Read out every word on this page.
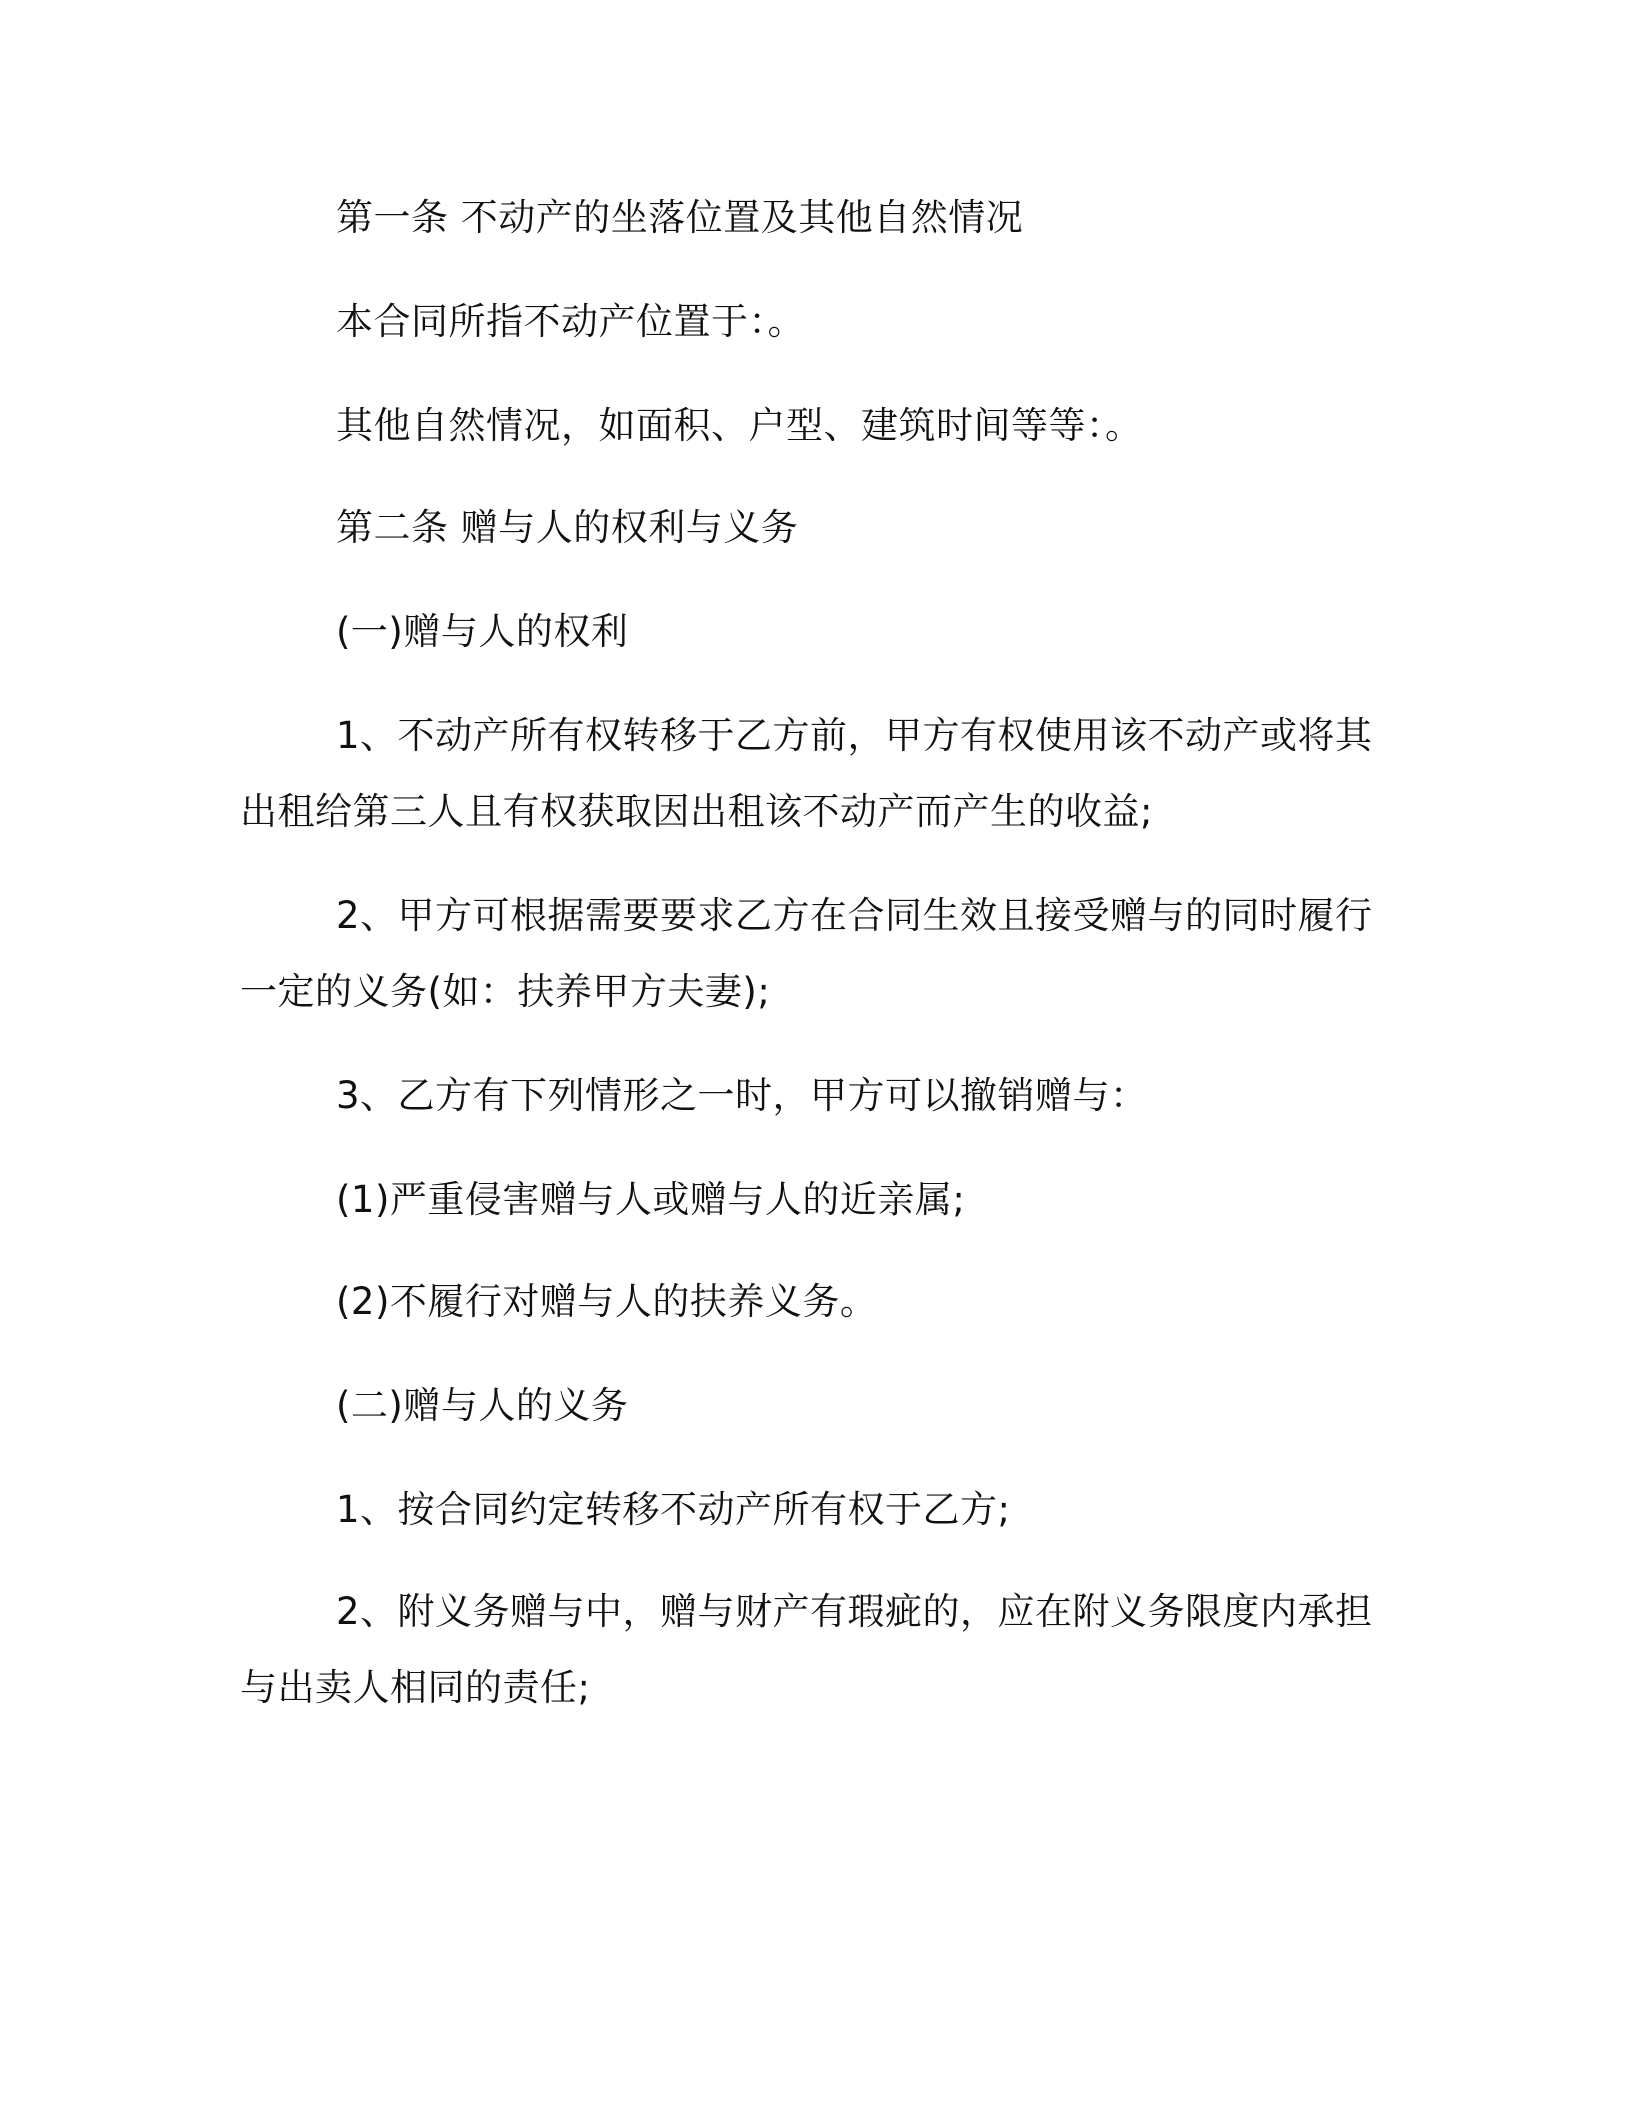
第一条 不动产的坐落位置及其他自然情况
本合同所指不动产位置于：。
其他自然情况，如面积、户型、建筑时间等等：。
第二条 赠与人的权利与义务
(一)赠与人的权利
1、不动产所有权转移于乙方前，甲方有权使用该不动产或将其
出租给第三人且有权获取因出租该不动产而产生的收益;
2、甲方可根据需要要求乙方在合同生效且接受赠与的同时履行
一定的义务(如：扶养甲方夫妻);
3、乙方有下列情形之一时，甲方可以撤销赠与：
(1)严重侵害赠与人或赠与人的近亲属;
(2)不履行对赠与人的扶养义务。
(二)赠与人的义务
1、按合同约定转移不动产所有权于乙方;
2、附义务赠与中，赠与财产有瑕疵的，应在附义务限度内承担
与出卖人相同的责任;
